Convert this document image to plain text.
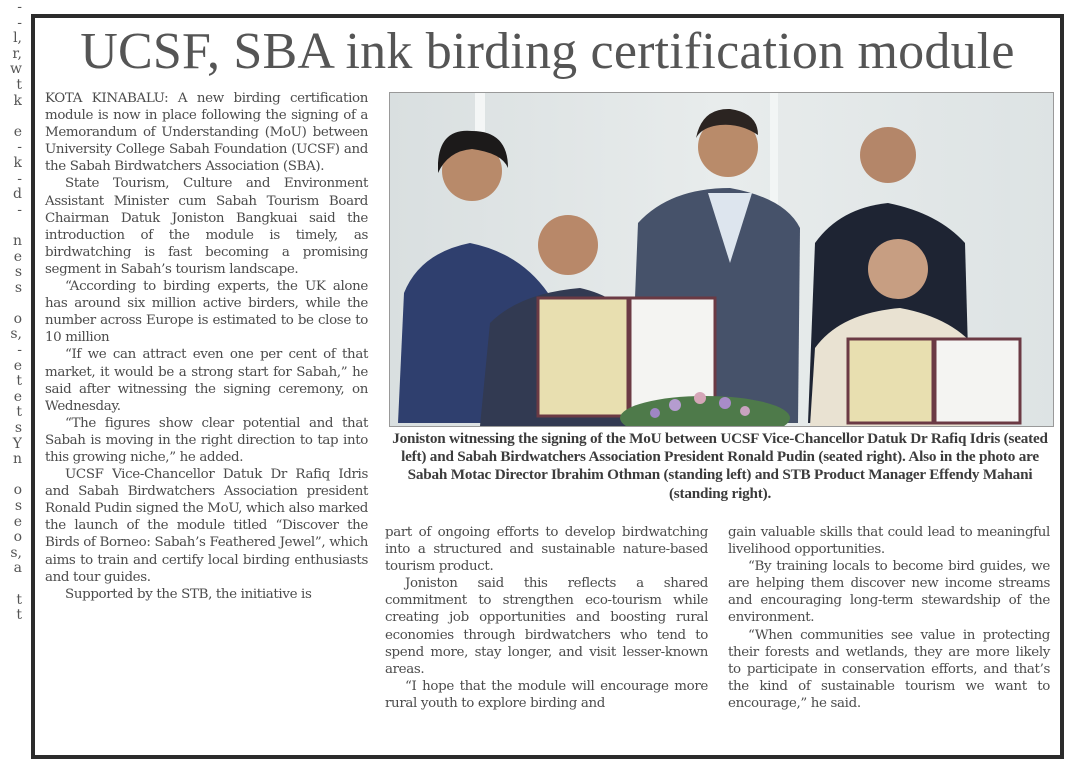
-
-
l,
r,
w
t
k
e
-
k
-
d
-
n
e
s
s
o
s,
-
e
t
e
t
s
Y
n
o
s
e
o
s,
a
t
t
UCSF, SBA ink birding certification module

KOTA KINABALU: A new birding certification module is now in place following the signing of a Memorandum of Understanding (MoU) between University College Sabah Foundation (UCSF) and the Sabah Birdwatchers Association (SBA).

State Tourism, Culture and Environment Assistant Minister cum Sabah Tourism Board Chairman Datuk Joniston Bangkuai said the introduction of the module is timely, as birdwatching is fast becoming a promising segment in Sabah’s tourism landscape.

“According to birding experts, the UK alone has around six million active birders, while the number across Europe is estimated to be close to 10 million

“If we can attract even one per cent of that market, it would be a strong start for Sabah,” he said after witnessing the signing ceremony, on Wednesday.

“The figures show clear potential and that Sabah is moving in the right direction to tap into this growing niche,” he added.

UCSF Vice-Chancellor Datuk Dr Rafiq Idris and Sabah Birdwatchers Association president Ronald Pudin signed the MoU, which also marked the launch of the module titled “Discover the Birds of Borneo: Sabah’s Feathered Jewel”, which aims to train and certify local birding enthusiasts and tour guides.

Supported by the STB, the initiative is

Joniston witnessing the signing of the MoU between UCSF Vice-Chancellor Datuk Dr Rafiq Idris (seated left) and Sabah Birdwatchers Association President Ronald Pudin (seated right). Also in the photo are Sabah Motac Director Ibrahim Othman (standing left) and STB Product Manager Effendy Mahani (standing right).

part of ongoing efforts to develop birdwatching into a structured and sustainable nature-based tourism product.

Joniston said this reflects a shared commitment to strengthen eco-tourism while creating job opportunities and boosting rural economies through birdwatchers who tend to spend more, stay longer, and visit lesser-known areas.

“I hope that the module will encourage more rural youth to explore birding and

gain valuable skills that could lead to meaningful livelihood opportunities.

“By training locals to become bird guides, we are helping them discover new income streams and encouraging long-term stewardship of the environment.

“When communities see value in protecting their forests and wetlands, they are more likely to participate in conservation efforts, and that’s the kind of sustainable tourism we want to encourage,” he said.
